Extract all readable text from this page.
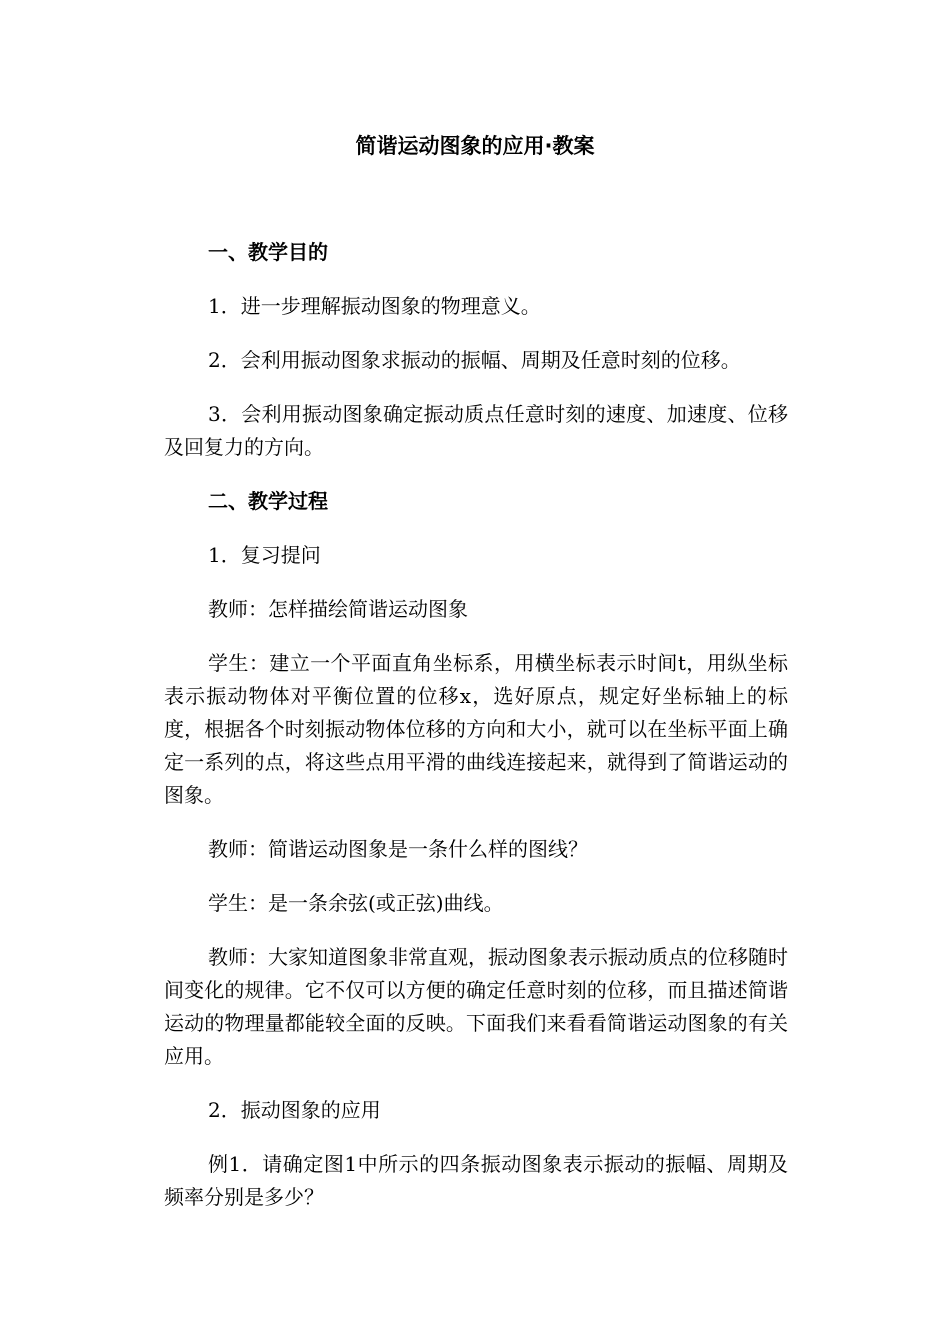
简谐运动图象的应用·教案
一、教学目的

1．进一步理解振动图象的物理意义。

2．会利用振动图象求振动的振幅、周期及任意时刻的位移。

3．会利用振动图象确定振动质点任意时刻的速度、加速度、位移及回复力的方向。

二、教学过程

1．复习提问

教师：怎样描绘简谐运动图象

学生：建立一个平面直角坐标系，用横坐标表示时间t，用纵坐标表示振动物体对平衡位置的位移x，选好原点，规定好坐标轴上的标度，根据各个时刻振动物体位移的方向和大小，就可以在坐标平面上确定一系列的点，将这些点用平滑的曲线连接起来，就得到了简谐运动的图象。

教师：简谐运动图象是一条什么样的图线？

学生：是一条余弦(或正弦)曲线。

教师：大家知道图象非常直观，振动图象表示振动质点的位移随时间变化的规律。它不仅可以方便的确定任意时刻的位移，而且描述简谐运动的物理量都能较全面的反映。下面我们来看看简谐运动图象的有关应用。

2．振动图象的应用

例1．请确定图1中所示的四条振动图象表示振动的振幅、周期及频率分别是多少？
